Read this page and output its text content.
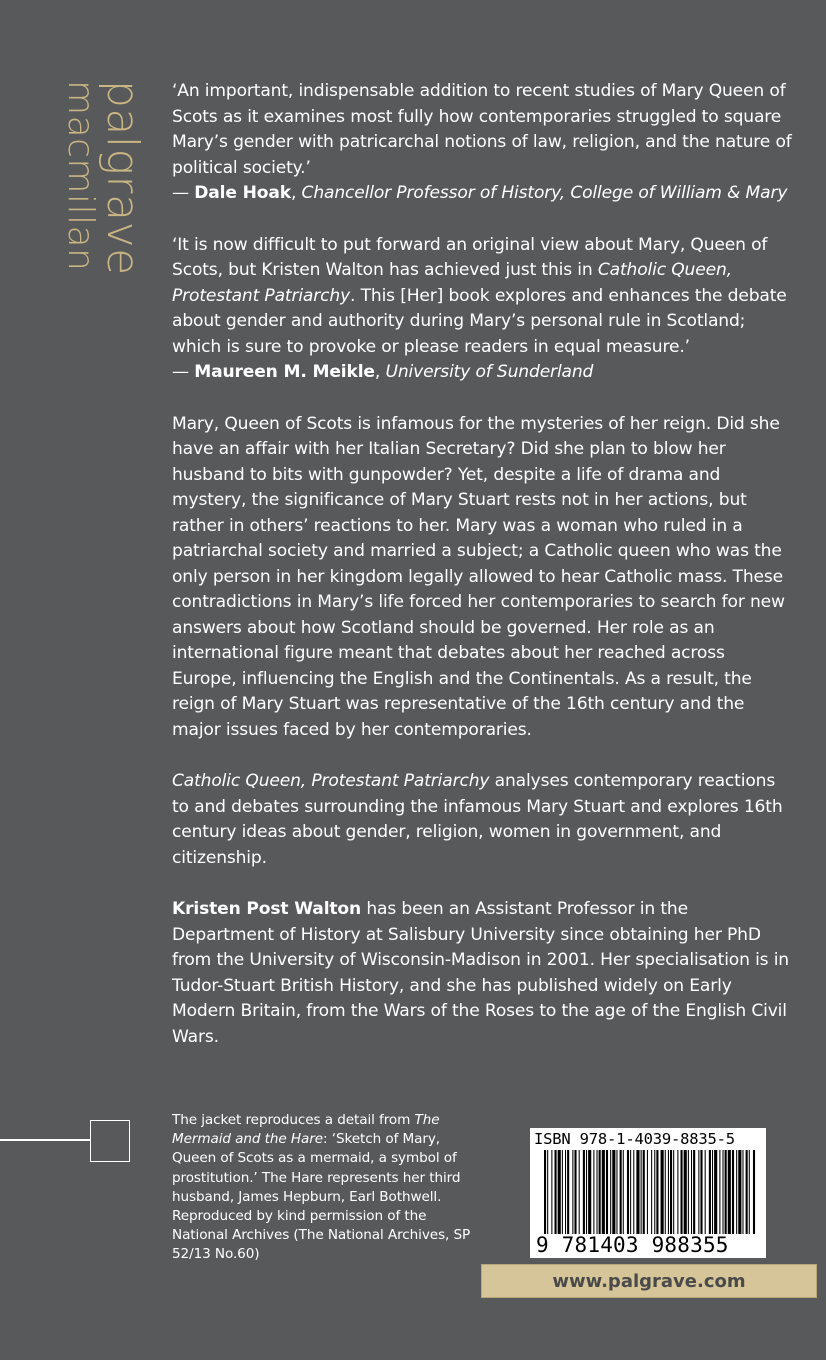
palgrave
macmillan	‘An important, indispensable addition to recent studies of Mary Queen of Scots as it examines most fully how contemporaries struggled to square Mary’s gender with patricarchal notions of law, religion, and the nature of political society.’

— Dale Hoak, Chancellor Professor of History, College of William & Mary

‘It is now difficult to put forward an original view about Mary, Queen of Scots, but Kristen Walton has achieved just this in Catholic Queen, Protestant Patriarchy. This [Her] book explores and enhances the debate about gender and authority during Mary’s personal rule in Scotland; which is sure to provoke or please readers in equal measure.’

— Maureen M. Meikle, University of Sunderland

Mary, Queen of Scots is infamous for the mysteries of her reign. Did she have an affair with her Italian Secretary? Did she plan to blow her husband to bits with gunpowder? Yet, despite a life of drama and mystery, the significance of Mary Stuart rests not in her actions, but rather in others’ reactions to her. Mary was a woman who ruled in a patriarchal society and married a subject; a Catholic queen who was the only person in her kingdom legally allowed to hear Catholic mass. These contradictions in Mary’s life forced her contemporaries to search for new answers about how Scotland should be governed. Her role as an international figure meant that debates about her reached across Europe, influencing the English and the Continentals. As a result, the reign of Mary Stuart was representative of the 16th century and the major issues faced by her contemporaries.

Catholic Queen, Protestant Patriarchy analyses contemporary reactions to and debates surrounding the infamous Mary Stuart and explores 16th century ideas about gender, religion, women in government, and citizenship.

Kristen Post Walton has been an Assistant Professor in the Department of History at Salisbury University since obtaining her PhD from the University of Wisconsin-Madison in 2001. Her specialisation is in Tudor-Stuart British History, and she has published widely on Early Modern Britain, from the Wars of the Roses to the age of the English Civil Wars.

The jacket reproduces a detail from The Mermaid and the Hare: ‘Sketch of Mary, Queen of Scots as a mermaid, a symbol of prostitution.’ The Hare represents her third husband, James Hepburn, Earl Bothwell. Reproduced by kind permission of the National Archives (The National Archives, SP 52/13 No.60)
ISBN 978-1-4039-8835-5
9 781403 988355
www.palgrave.com
